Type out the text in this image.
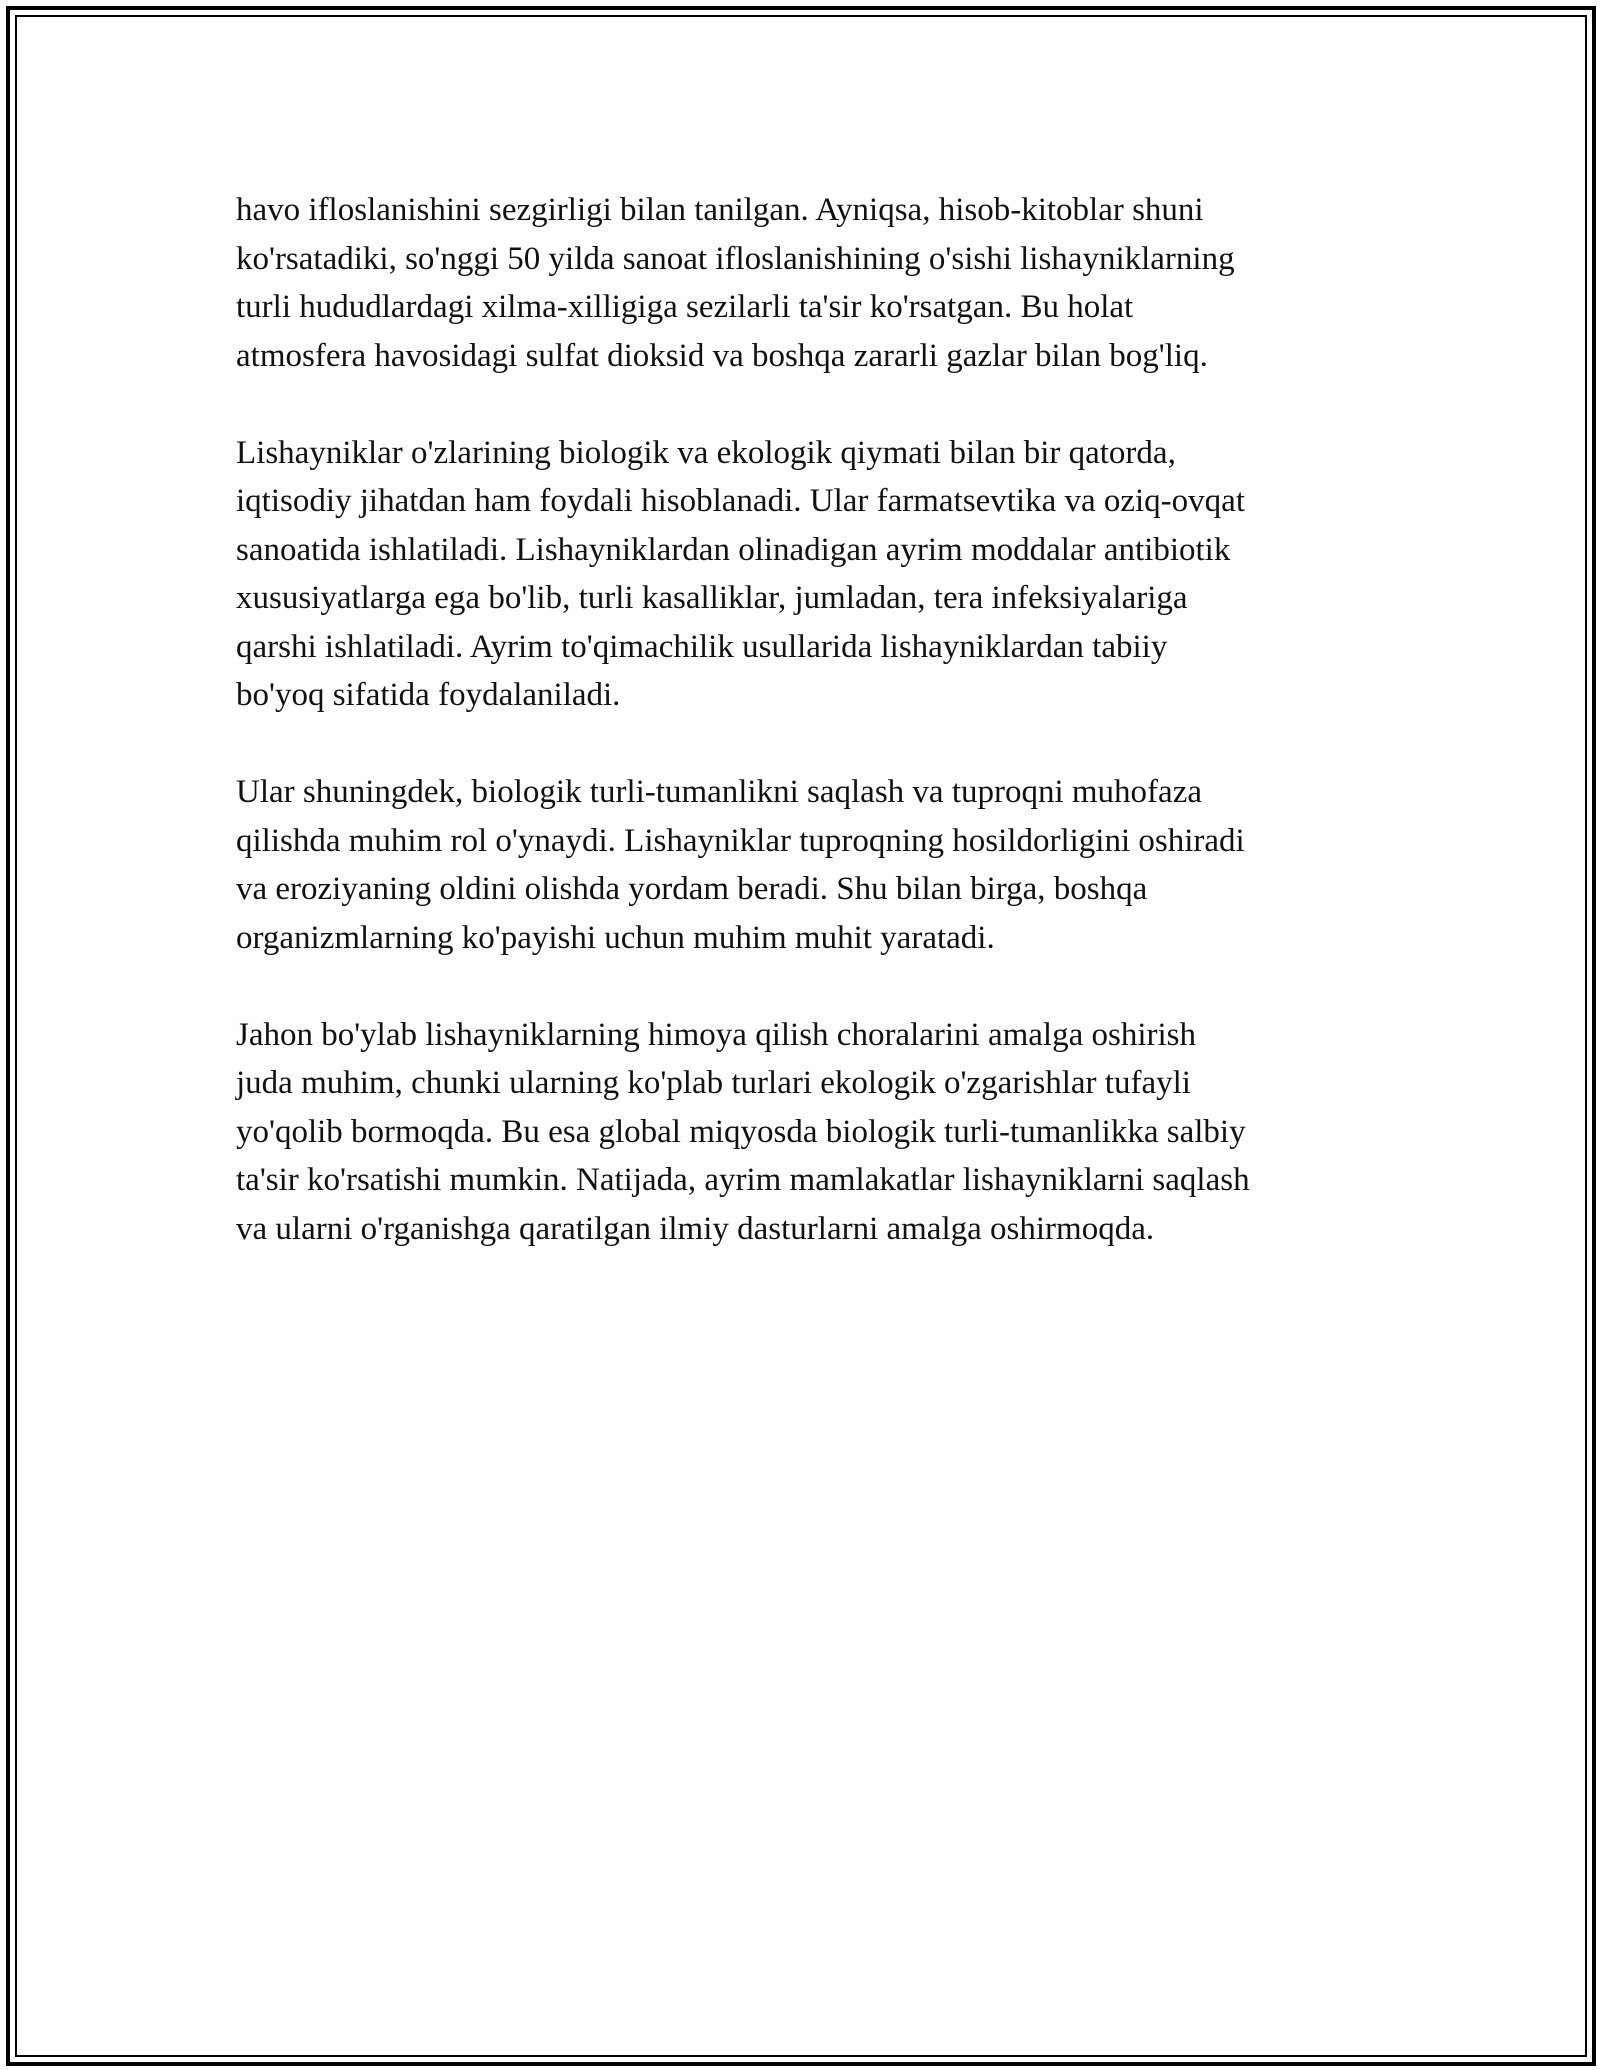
havo ifloslanishini sezgirligi bilan tanilgan. Ayniqsa, hisob-kitoblar shuni
ko'rsatadiki, so'nggi 50 yilda sanoat ifloslanishining o'sishi lishayniklarning
turli hududlardagi xilma-xilligiga sezilarli ta'sir ko'rsatgan. Bu holat
atmosfera havosidagi sulfat dioksid va boshqa zararli gazlar bilan bog'liq.
Lishayniklar o'zlarining biologik va ekologik qiymati bilan bir qatorda,
iqtisodiy jihatdan ham foydali hisoblanadi. Ular farmatsevtika va oziq-ovqat
sanoatida ishlatiladi. Lishayniklardan olinadigan ayrim moddalar antibiotik
xususiyatlarga ega bo'lib, turli kasalliklar, jumladan, tera infeksiyalariga
qarshi ishlatiladi. Ayrim to'qimachilik usullarida lishayniklardan tabiiy
bo'yoq sifatida foydalaniladi.
Ular shuningdek, biologik turli-tumanlikni saqlash va tuproqni muhofaza
qilishda muhim rol o'ynaydi. Lishayniklar tuproqning hosildorligini oshiradi
va eroziyaning oldini olishda yordam beradi. Shu bilan birga, boshqa
organizmlarning ko'payishi uchun muhim muhit yaratadi.
Jahon bo'ylab lishayniklarning himoya qilish choralarini amalga oshirish
juda muhim, chunki ularning ko'plab turlari ekologik o'zgarishlar tufayli
yo'qolib bormoqda. Bu esa global miqyosda biologik turli-tumanlikka salbiy
ta'sir ko'rsatishi mumkin. Natijada, ayrim mamlakatlar lishayniklarni saqlash
va ularni o'rganishga qaratilgan ilmiy dasturlarni amalga oshirmoqda.
